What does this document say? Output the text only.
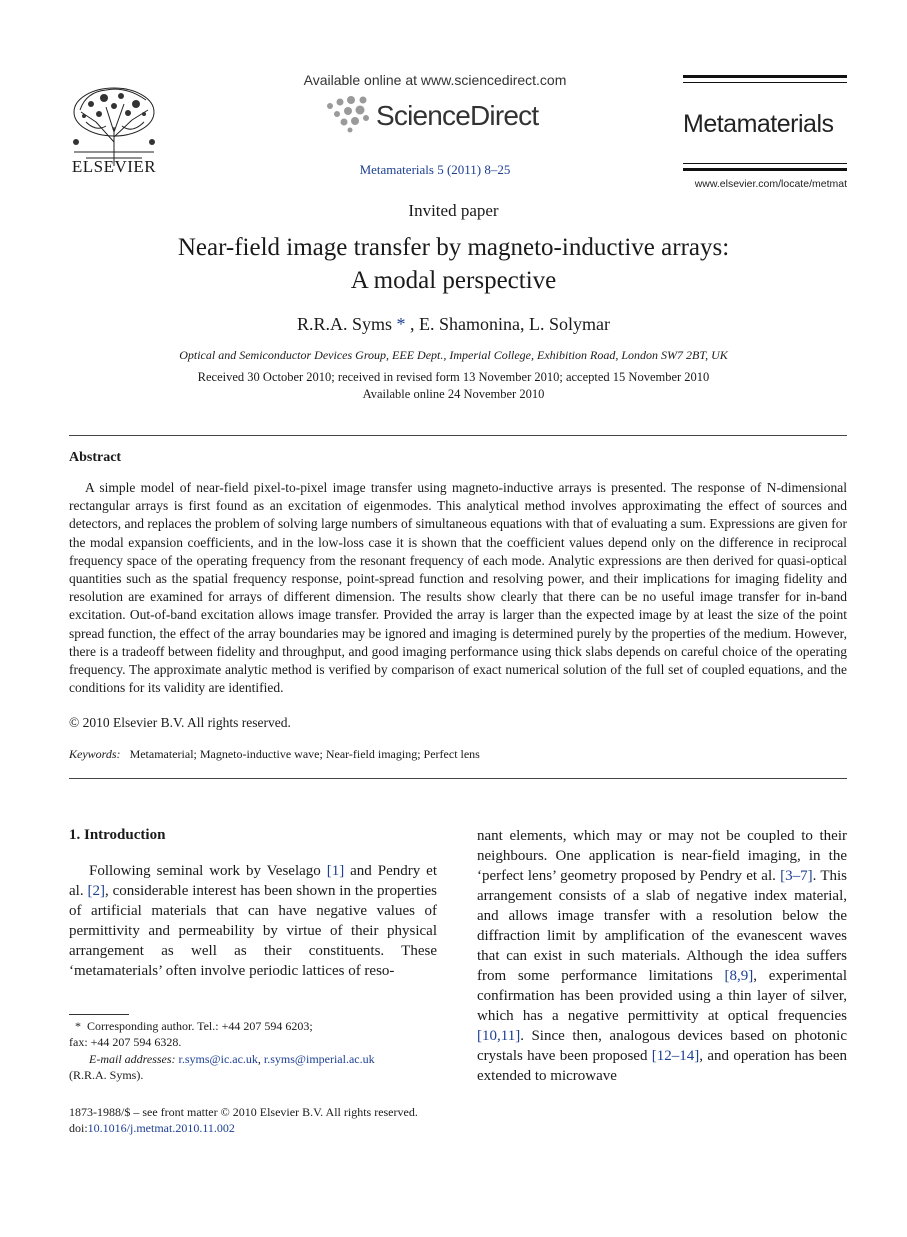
ELSEVIER
Available online at www.sciencedirect.com
ScienceDirect
Metamaterials 5 (2011) 8–25
Metamaterials
www.elsevier.com/locate/metmat
Invited paper
Near-field image transfer by magneto-inductive arrays:
A modal perspective
R.R.A. Syms * , E. Shamonina, L. Solymar
Optical and Semiconductor Devices Group, EEE Dept., Imperial College, Exhibition Road, London SW7 2BT, UK
Received 30 October 2010; received in revised form 13 November 2010; accepted 15 November 2010
Available online 24 November 2010
Abstract
A simple model of near-field pixel-to-pixel image transfer using magneto-inductive arrays is presented. The response of N-dimensional rectangular arrays is first found as an excitation of eigenmodes. This analytical method involves approximating the effect of sources and detectors, and replaces the problem of solving large numbers of simultaneous equations with that of evaluating a sum. Expressions are given for the modal expansion coefficients, and in the low-loss case it is shown that the coefficient values depend only on the difference in reciprocal frequency space of the operating frequency from the resonant frequency of each mode. Analytic expressions are then derived for quasi-optical quantities such as the spatial frequency response, point-spread function and resolving power, and their implications for imaging fidelity and resolution are examined for arrays of different dimension. The results show clearly that there can be no useful image transfer for in-band excitation. Out-of-band excitation allows image transfer. Provided the array is larger than the expected image by at least the size of the point spread function, the effect of the array boundaries may be ignored and imaging is determined purely by the properties of the medium. However, there is a tradeoff between fidelity and throughput, and good imaging performance using thick slabs depends on careful choice of the operating frequency. The approximate analytic method is verified by comparison of exact numerical solution of the full set of coupled equations, and the conditions for its validity are identified.
© 2010 Elsevier B.V. All rights reserved.
Keywords: Metamaterial; Magneto-inductive wave; Near-field imaging; Perfect lens
1. Introduction
Following seminal work by Veselago [1] and Pendry et al. [2], considerable interest has been shown in the properties of artificial materials that can have negative values of permittivity and permeability by virtue of their physical arrangement as well as their constituents. These ‘metamaterials’ often involve periodic lattices of reso-
nant elements, which may or may not be coupled to their neighbours. One application is near-field imaging, in the ‘perfect lens’ geometry proposed by Pendry et al. [3–7]. This arrangement consists of a slab of negative index material, and allows image transfer with a resolution below the diffraction limit by amplification of the evanescent waves that can exist in such materials. Although the idea suffers from some performance limitations [8,9], experimental confirmation has been provided using a thin layer of silver, which has a negative permittivity at optical frequencies [10,11]. Since then, analogous devices based on photonic crystals have been proposed [12–14], and operation has been extended to microwave
*  Corresponding author. Tel.: +44 207 594 6203;
fax: +44 207 594 6328.
E-mail addresses: r.syms@ic.ac.uk, r.syms@imperial.ac.uk
(R.R.A. Syms).
1873-1988/$ – see front matter © 2010 Elsevier B.V. All rights reserved.
doi:10.1016/j.metmat.2010.11.002
